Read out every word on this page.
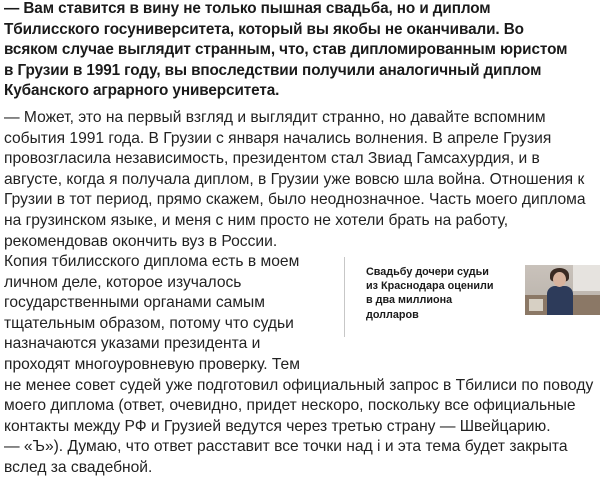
— Вам ставится в вину не только пышная свадьба, но и диплом
Тбилисского госуниверситета, который вы якобы не оканчивали. Во
всяком случае выглядит странным, что, став дипломированным юристом
в Грузии в 1991 году, вы впоследствии получили аналогичный диплом
Кубанского аграрного университета.

— Может, это на первый взгляд и выглядит странно, но давайте вспомним
события 1991 года. В Грузии с января начались волнения. В апреле Грузия
провозгласила независимость, президентом стал Звиад Гамсахурдия, и в
августе, когда я получала диплом, в Грузии уже вовсю шла война. Отношения к
Грузии в тот период, прямо скажем, было неоднозначное. Часть моего диплома
на грузинском языке, и меня с ним просто не хотели брать на работу,
рекомендовав окончить вуз в России.

Копия тбилисского диплома есть в моем
личном деле, которое изучалось
государственными органами самым
тщательным образом, потому что судьи
назначаются указами президента и
проходят многоуровневую проверку. Тем
не менее совет судей уже подготовил официальный запрос в Тбилиси по поводу
моего диплома (ответ, очевидно, придет нескоро, поскольку все официальные
контакты между РФ и Грузией ведутся через третью страну — Швейцарию.
— «Ъ»). Думаю, что ответ расставит все точки над i и эта тема будет закрыта
вслед за свадебной.

Свадьбу дочери судьи
из Краснодара оценили
в два миллиона
долларов
